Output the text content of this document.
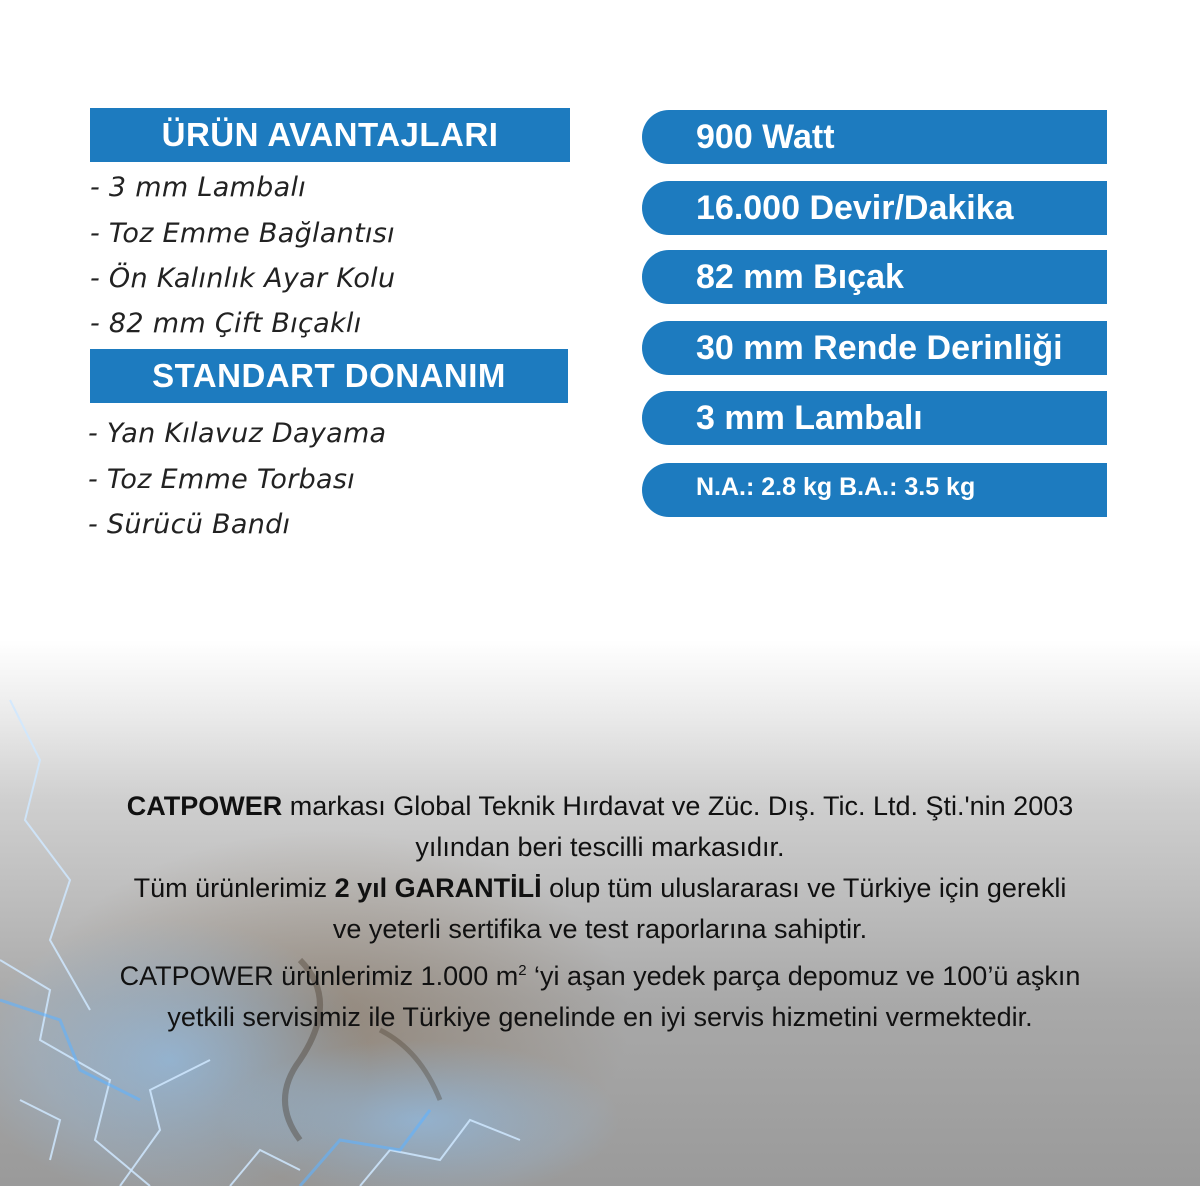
ÜRÜN AVANTAJLARI
- 3 mm Lambalı
- Toz Emme Bağlantısı
- Ön Kalınlık Ayar Kolu
- 82 mm Çift Bıçaklı
STANDART DONANIM
- Yan Kılavuz Dayama
- Toz Emme Torbası
- Sürücü Bandı
900 Watt
16.000 Devir/Dakika
82 mm Bıçak
30 mm Rende Derinliği
3 mm Lambalı
N.A.: 2.8 kg B.A.: 3.5 kg
CATPOWER markası Global Teknik Hırdavat ve Züc. Dış. Tic. Ltd. Şti.'nin 2003
yılından beri tescilli markasıdır.
Tüm ürünlerimiz 2 yıl GARANTİLİ olup tüm uluslararası ve Türkiye için gerekli
ve yeterli sertifika ve test raporlarına sahiptir.
CATPOWER ürünlerimiz 1.000 $m^2$ ‘yi aşan yedek parça depomuz ve 100’ü aşkın
yetkili servisimiz ile Türkiye genelinde en iyi servis hizmetini vermektedir.
